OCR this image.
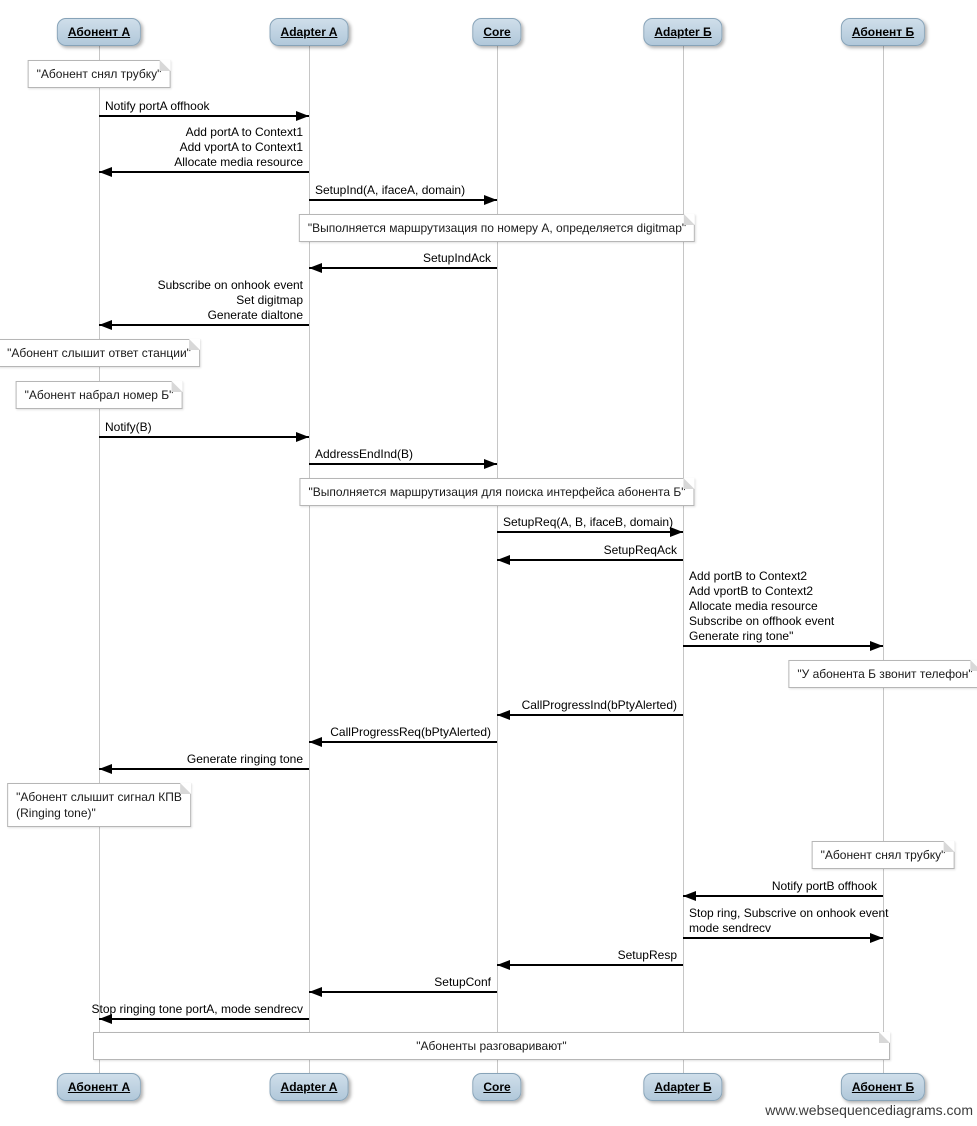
"Абонент снял трубку"
Notify portA offhook
Add portA to Context1
Add vportA to Context1
Allocate media resource
SetupInd(A, ifaceA, domain)
"Выполняется маршрутизация по номеру А, определяется digitmap"
SetupIndAck
Subscribe on onhook event
Set digitmap
Generate dialtone
"Абонент слышит ответ станции"
"Абонент набрал номер Б"
Notify(B)
AddressEndInd(B)
"Выполняется маршрутизация для поиска интерфейса абонента Б"
SetupReq(A, B, ifaceB, domain)
SetupReqAck
Add portB to Context2
Add vportB to Context2
Allocate media resource
Subscribe on offhook event
Generate ring tone"
"У абонента Б звонит телефон"
CallProgressInd(bPtyAlerted)
CallProgressReq(bPtyAlerted)
Generate ringing tone
"Абонент слышит сигнал КПВ
(Ringing tone)"
"Абонент снял трубку"
Notify portB offhook
Stop ring, Subscrive on onhook event
mode sendrecv
SetupResp
SetupConf
Stop ringing tone portA, mode sendrecv
"Абоненты разговаривают"
Абонент А	Adapter A	Core	Adapter Б	Абонент Б
Абонент А	Adapter A	Core	Adapter Б	Абонент Б
www.websequencediagrams.com
